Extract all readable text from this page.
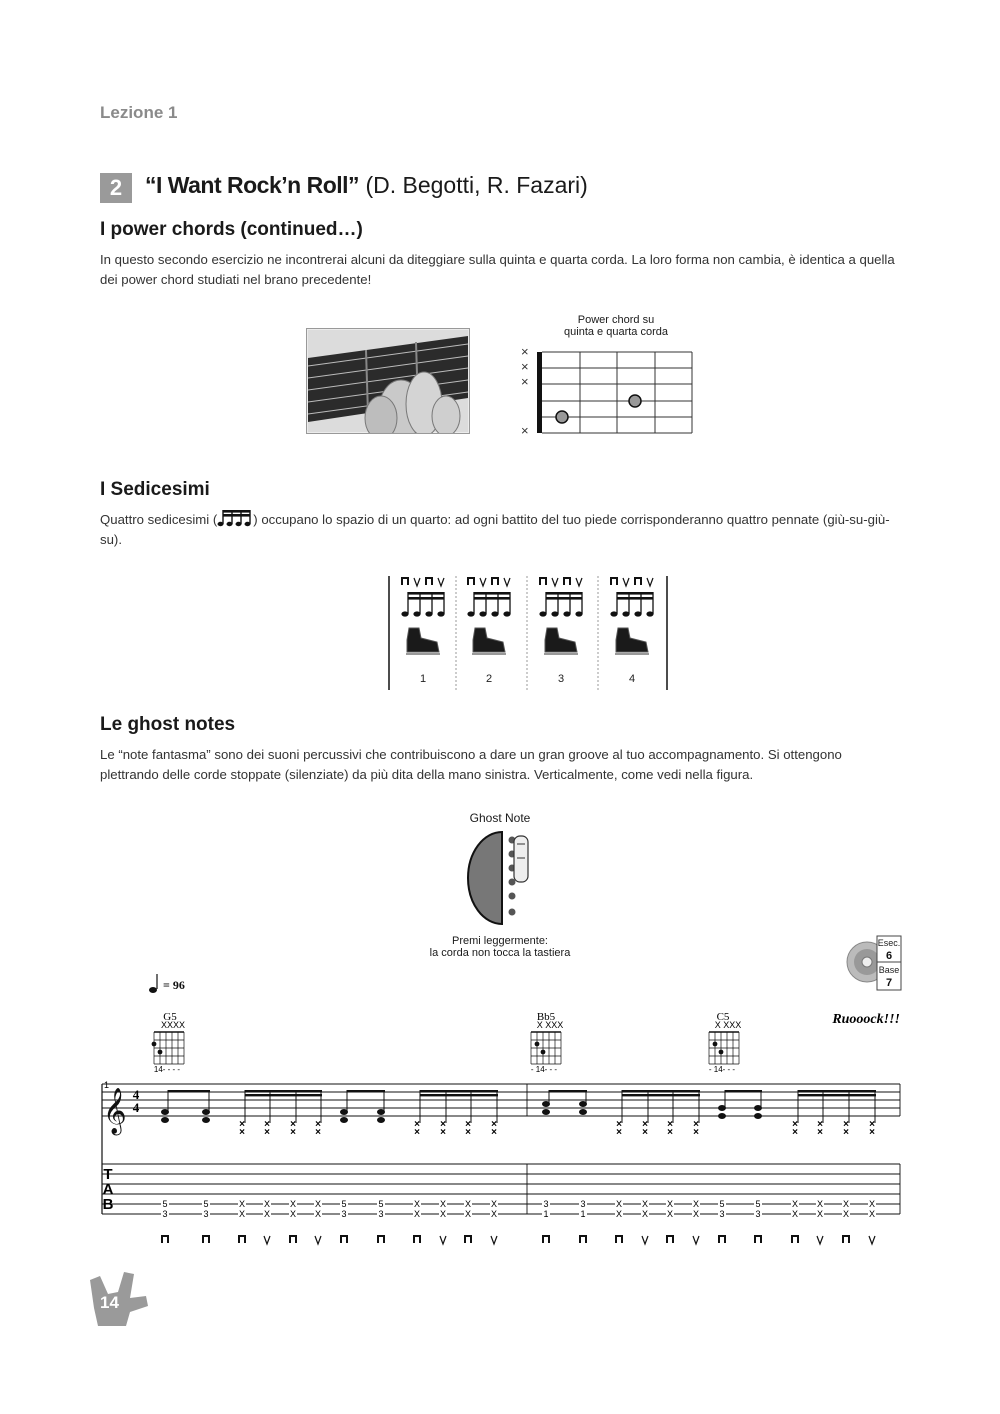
Lezione 1
2 “I Want Rock’n Roll” (D. Begotti, R. Fazari)
I power chords (continued…)
In questo secondo esercizio ne incontrerai alcuni da diteggiare sulla quinta e quarta corda. La loro forma non cambia, è identica a quella dei power chord studiati nel brano precedente!
Power chord su
quinta e quarta corda
×
×
×
×
I Sedicesimi
Quattro sedicesimi (	) occupano lo spazio di un quarto: ad ogni battito del tuo piede corrisponderanno quattro pennate (giù-su-giù-su).
1	2	3	4
Le ghost notes
Le “note fantasma” sono dei suoni percussivi che contribuiscono a dare un gran groove al tuo accompagnamento. Si ottengono plettrando delle corde stoppate (silenziate) da più dita della mano sinistra. Verticalmente, come vedi nella figura.
Ghost Note
Premi leggermente:
la corda non tocca la tastiera
Esec.
6
Base
7
= 96
G5	Bb5	C5	Ruooock!!!
XXXX
14- - - -
X XXX
- 14- - -
X XXX
- 14- - -
1
𝄞 4
4
T
A
B
×
×
×
×
×
×
×
×
×
×
×
×
×
×
×
×
×
×
×
×
×
×
×
×
×
×
×
×
×
×
×
×
5
3
5
3
X
X
X
X
X
X
X
X
5
3
5
3
X
X
X
X
X
X
X
X
3
1
3
1
X
X
X
X
X
X
X
X
5
3
5
3
X
X
X
X
X
X
X
X
14
